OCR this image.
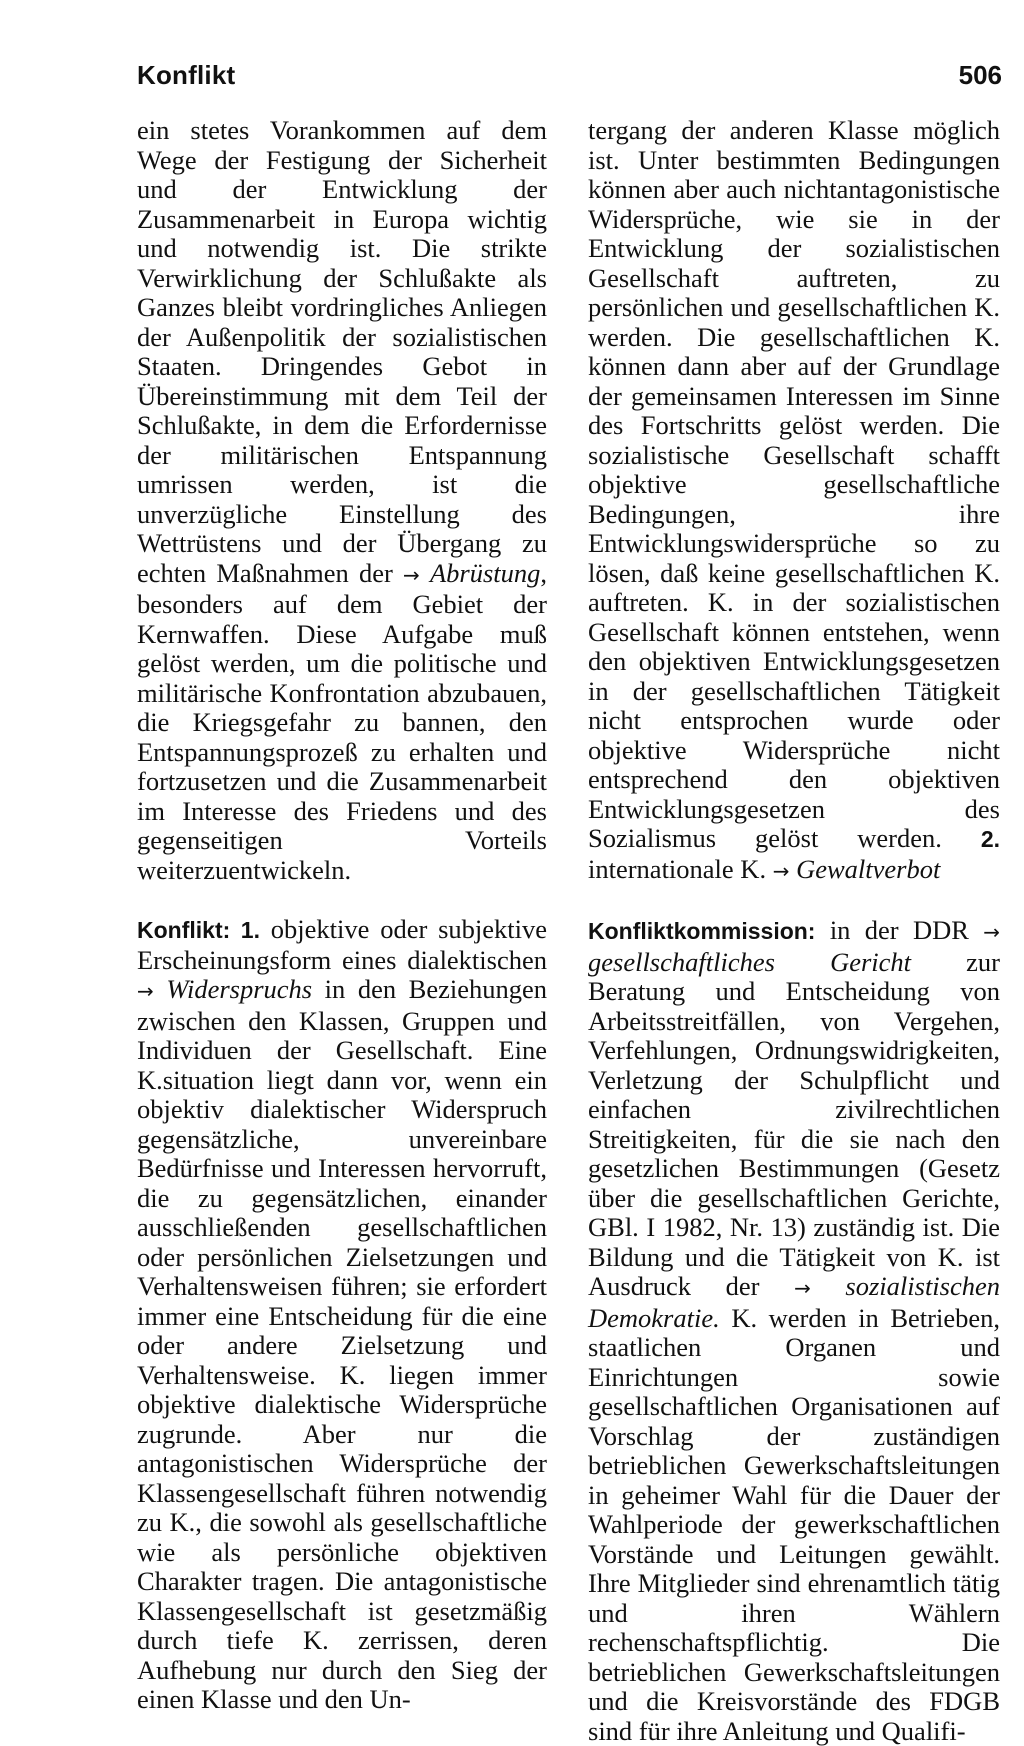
Konflikt	506

ein stetes Vorankommen auf dem Wege der Festigung der Sicherheit und der Entwicklung der Zusammenarbeit in Europa wichtig und notwendig ist. Die strikte Verwirklichung der Schlußakte als Ganzes bleibt vordringliches Anliegen der Außenpolitik der sozialistischen Staaten. Dringendes Gebot in Übereinstimmung mit dem Teil der Schlußakte, in dem die Erfordernisse der militärischen Entspannung umrissen werden, ist die unverzügliche Einstellung des Wettrüstens und der Übergang zu echten Maßnahmen der → Abrüstung, besonders auf dem Gebiet der Kernwaffen. Diese Aufgabe muß gelöst werden, um die politische und militärische Konfrontation abzubauen, die Kriegsgefahr zu bannen, den Entspannungsprozeß zu erhalten und fortzusetzen und die Zusammenarbeit im Interesse des Friedens und des gegenseitigen Vorteils weiterzuentwickeln.

Konflikt: 1. objektive oder subjektive Erscheinungsform eines dialektischen → Widerspruchs in den Beziehungen zwischen den Klassen, Gruppen und Individuen der Gesellschaft. Eine K.situation liegt dann vor, wenn ein objektiv dialektischer Widerspruch gegensätzliche, unvereinbare Bedürfnisse und Interessen hervorruft, die zu gegensätzlichen, einander ausschließenden gesellschaftlichen oder persönlichen Zielsetzungen und Verhaltensweisen führen; sie erfordert immer eine Entscheidung für die eine oder andere Zielsetzung und Verhaltensweise. K. liegen immer objektive dialektische Widersprüche zugrunde. Aber nur die antagonistischen Widersprüche der Klassengesellschaft führen notwendig zu K., die sowohl als gesellschaftliche wie als persönliche objektiven Charakter tragen. Die antagonistische Klassengesellschaft ist gesetzmäßig durch tiefe K. zerrissen, deren Aufhebung nur durch den Sieg der einen Klasse und den Un-

tergang der anderen Klasse möglich ist. Unter bestimmten Bedingungen können aber auch nichtantagonistische Widersprüche, wie sie in der Entwicklung der sozialistischen Gesellschaft auftreten, zu persönlichen und gesellschaftlichen K. werden. Die gesellschaftlichen K. können dann aber auf der Grundlage der gemeinsamen Interessen im Sinne des Fortschritts gelöst werden. Die sozialistische Gesellschaft schafft objektive gesellschaftliche Bedingungen, ihre Entwicklungswidersprüche so zu lösen, daß keine gesellschaftlichen K. auftreten. K. in der sozialistischen Gesellschaft können entstehen, wenn den objektiven Entwicklungsgesetzen in der gesellschaftlichen Tätigkeit nicht entsprochen wurde oder objektive Widersprüche nicht entsprechend den objektiven Entwicklungsgesetzen des Sozialismus gelöst werden. 2. internationale K. → Gewaltverbot

Konfliktkommission: in der DDR → gesellschaftliches Gericht zur Beratung und Entscheidung von Arbeitsstreitfällen, von Vergehen, Verfehlungen, Ordnungswidrigkeiten, Verletzung der Schulpflicht und einfachen zivilrechtlichen Streitigkeiten, für die sie nach den gesetzlichen Bestimmungen (Gesetz über die gesellschaftlichen Gerichte, GBl. I 1982, Nr. 13) zuständig ist. Die Bildung und die Tätigkeit von K. ist Ausdruck der → sozialistischen Demokratie. K. werden in Betrieben, staatlichen Organen und Einrichtungen sowie gesellschaftlichen Organisationen auf Vorschlag der zuständigen betrieblichen Gewerkschaftsleitungen in geheimer Wahl für die Dauer der Wahlperiode der gewerkschaftlichen Vorstände und Leitungen gewählt. Ihre Mitglieder sind ehrenamtlich tätig und ihren Wählern rechenschaftspflichtig. Die betrieblichen Gewerkschaftsleitungen und die Kreisvorstände des FDGB sind für ihre Anleitung und Qualifi-
